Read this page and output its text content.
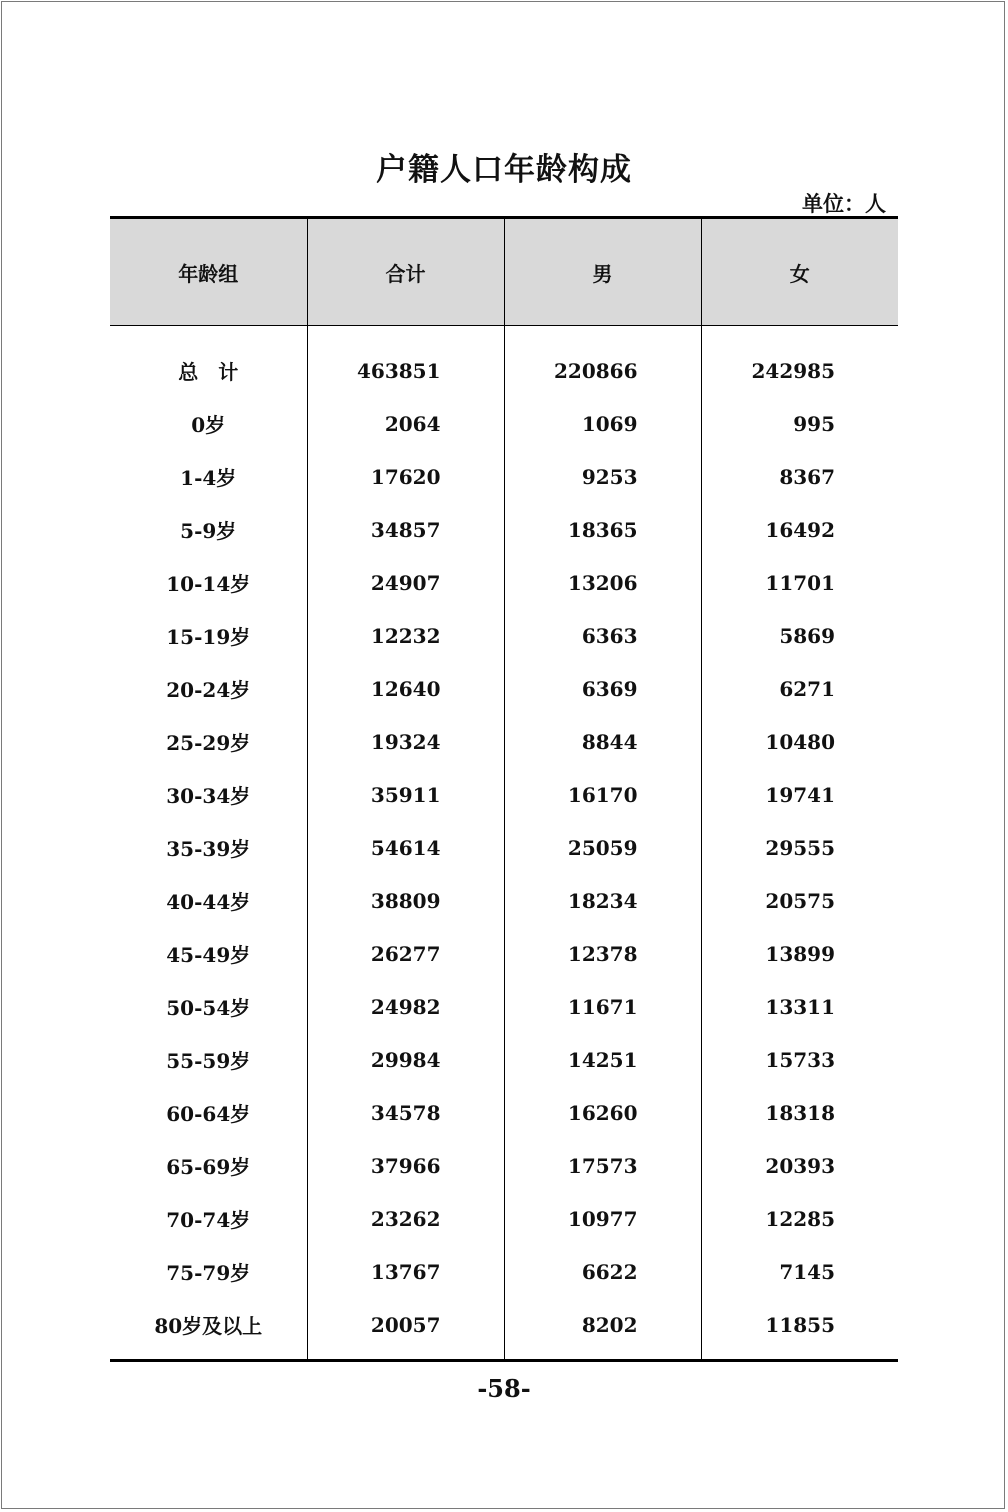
户籍人口年龄构成
单位：人
年龄组	合计	男	女
总　计	463851	220866	242985
0岁	2064	1069	995
1-4岁	17620	9253	8367
5-9岁	34857	18365	16492
10-14岁	24907	13206	11701
15-19岁	12232	6363	5869
20-24岁	12640	6369	6271
25-29岁	19324	8844	10480
30-34岁	35911	16170	19741
35-39岁	54614	25059	29555
40-44岁	38809	18234	20575
45-49岁	26277	12378	13899
50-54岁	24982	11671	13311
55-59岁	29984	14251	15733
60-64岁	34578	16260	18318
65-69岁	37966	17573	20393
70-74岁	23262	10977	12285
75-79岁	13767	6622	7145
80岁及以上	20057	8202	11855
-58-
